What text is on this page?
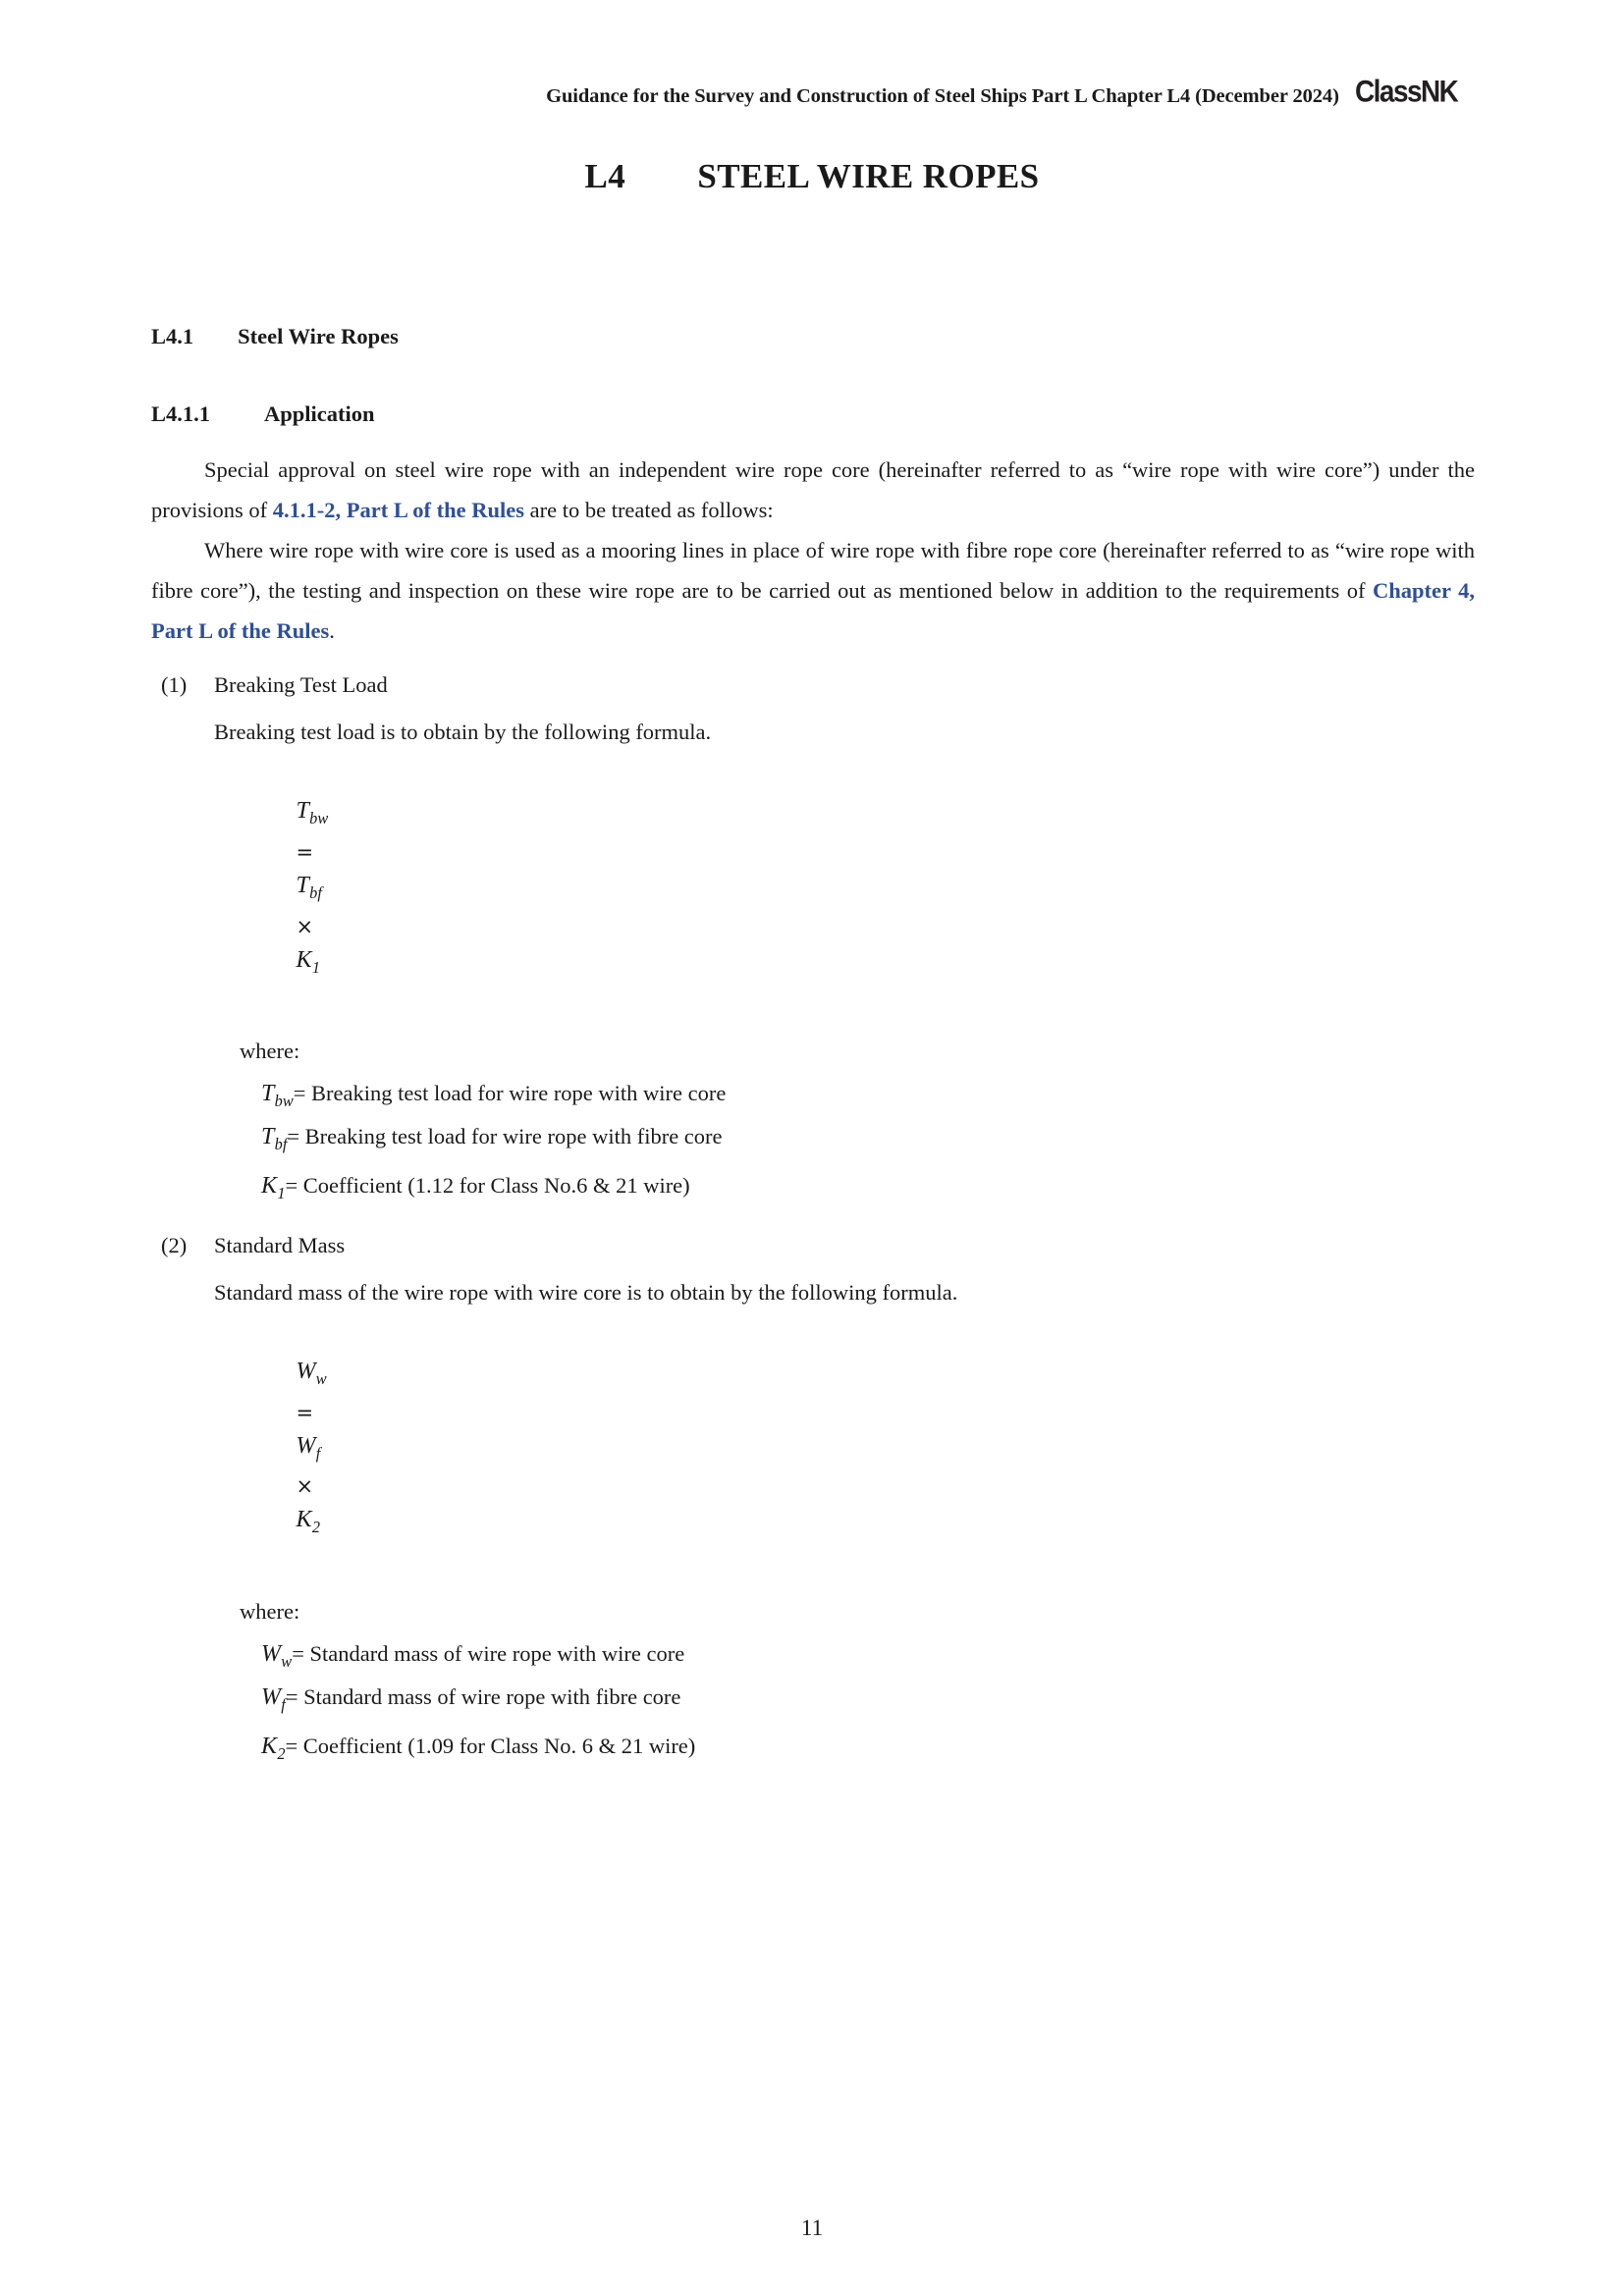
Guidance for the Survey and Construction of Steel Ships Part L Chapter L4 (December 2024) ClassNK
L4        STEEL WIRE ROPES
L4.1        Steel Wire Ropes
L4.1.1          Application

Special approval on steel wire rope with an independent wire rope core (hereinafter referred to as “wire rope with wire core”) under the provisions of 4.1.1-2, Part L of the Rules are to be treated as follows:

Where wire rope with wire core is used as a mooring lines in place of wire rope with fibre rope core (hereinafter referred to as “wire rope with fibre core”), the testing and inspection on these wire rope are to be carried out as mentioned below in addition to the requirements of Chapter 4, Part L of the Rules.

(1)	Breaking Test Load
Breaking test load is to obtain by the following formula.

$T_{bw}$
=
$T_{bf}$
×
$K_1$

where:
$T_{bw}=$ Breaking test load for wire rope with wire core
$T_{bf}=$ Breaking test load for wire rope with fibre core
$K_1=$ Coefficient (1.12 for Class No.6 & 21 wire)
(2)	Standard Mass
Standard mass of the wire rope with wire core is to obtain by the following formula.

$W_w$
=
$W_f$
×
$K_2$

where:
$W_w=$ Standard mass of wire rope with wire core
$W_f=$ Standard mass of wire rope with fibre core
$K_2=$ Coefficient (1.09 for Class No. 6 & 21 wire)
11
